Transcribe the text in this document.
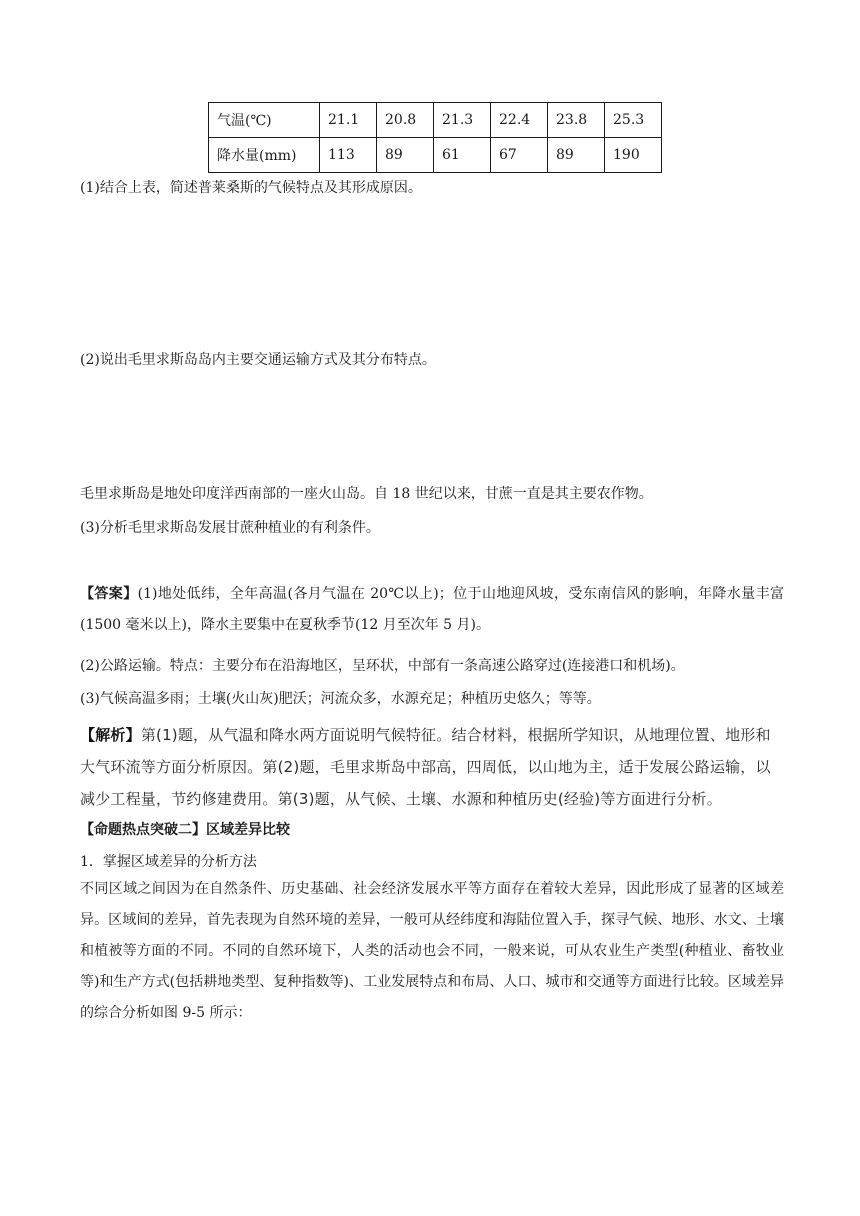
气温(℃)	21.1	20.8	21.3	22.4	23.8	25.3
降水量(mm)	113	89	61	67	89	190
(1)结合上表，简述普莱桑斯的气候特点及其形成原因。
(2)说出毛里求斯岛岛内主要交通运输方式及其分布特点。
毛里求斯岛是地处印度洋西南部的一座火山岛。自 18 世纪以来，甘蔗一直是其主要农作物。
(3)分析毛里求斯岛发展甘蔗种植业的有利条件。
【答案】(1)地处低纬，全年高温(各月气温在 20℃以上)；位于山地迎风坡，受东南信风的影响，年降水量丰富(1500 毫米以上)，降水主要集中在夏秋季节(12 月至次年 5 月)。
(2)公路运输。特点：主要分布在沿海地区，呈环状，中部有一条高速公路穿过(连接港口和机场)。
(3)气候高温多雨；土壤(火山灰)肥沃；河流众多，水源充足；种植历史悠久；等等。
【解析】第(1)题，从气温和降水两方面说明气候特征。结合材料，根据所学知识，从地理位置、地形和大气环流等方面分析原因。第(2)题，毛里求斯岛中部高，四周低，以山地为主，适于发展公路运输，以减少工程量，节约修建费用。第(3)题，从气候、土壤、水源和种植历史(经验)等方面进行分析。
【命题热点突破二】区域差异比较
1．掌握区域差异的分析方法
不同区域之间因为在自然条件、历史基础、社会经济发展水平等方面存在着较大差异，因此形成了显著的区域差异。区域间的差异，首先表现为自然环境的差异，一般可从经纬度和海陆位置入手，探寻气候、地形、水文、土壤和植被等方面的不同。不同的自然环境下，人类的活动也会不同，一般来说，可从农业生产类型(种植业、畜牧业等)和生产方式(包括耕地类型、复种指数等)、工业发展特点和布局、人口、城市和交通等方面进行比较。区域差异的综合分析如图 9-5 所示：
